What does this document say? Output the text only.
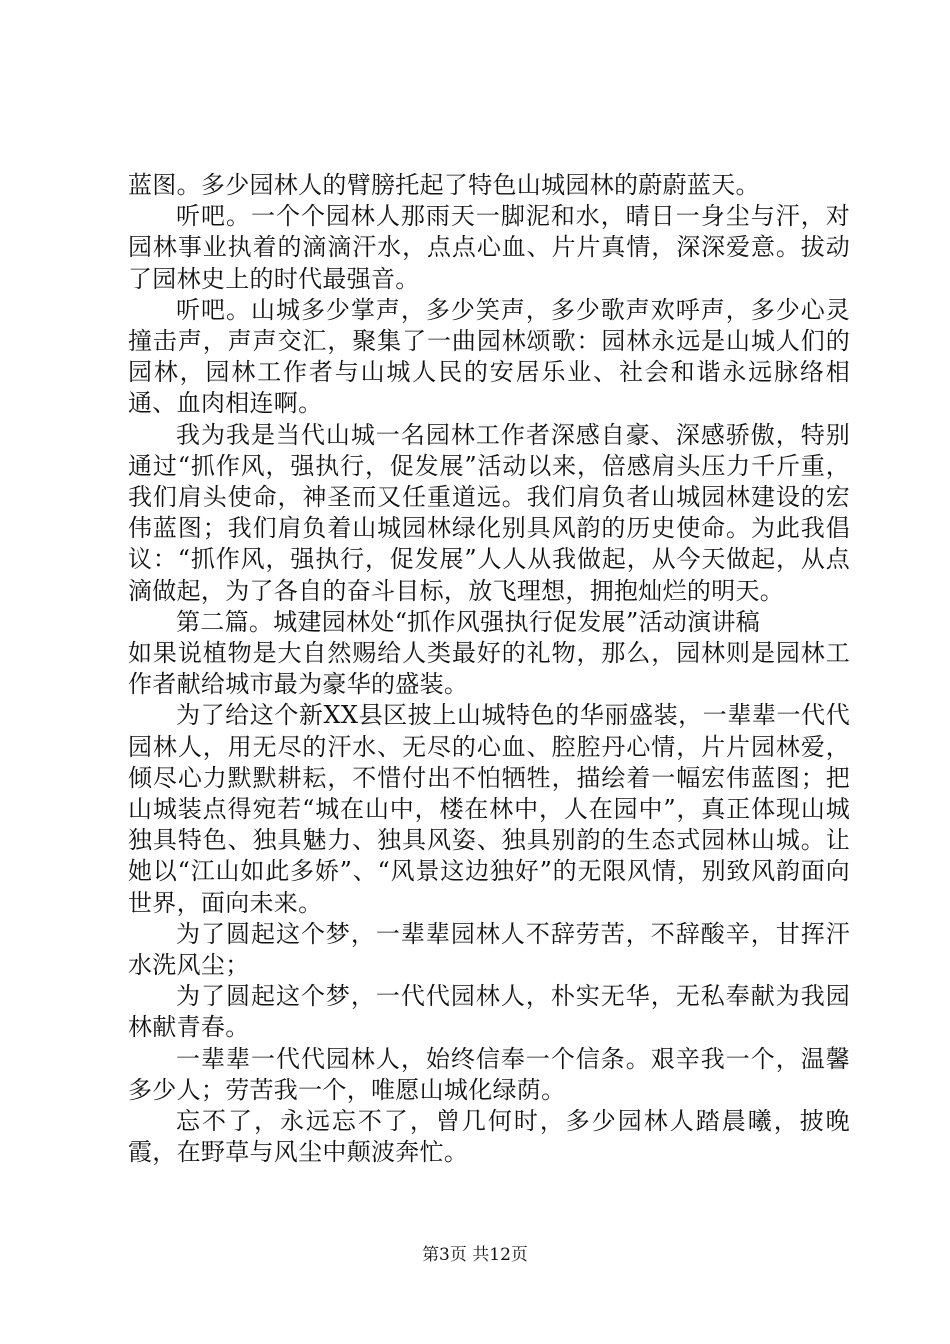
蓝图。多少园林人的臂膀托起了特色山城园林的蔚蔚蓝天。

听吧。一个个园林人那雨天一脚泥和水，晴日一身尘与汗，对园林事业执着的滴滴汗水，点点心血、片片真情，深深爱意。拔动了园林史上的时代最强音。

听吧。山城多少掌声，多少笑声，多少歌声欢呼声，多少心灵撞击声，声声交汇，聚集了一曲园林颂歌：园林永远是山城人们的园林，园林工作者与山城人民的安居乐业、社会和谐永远脉络相通、血肉相连啊。

我为我是当代山城一名园林工作者深感自豪、深感骄傲，特别通过“抓作风，强执行，促发展”活动以来，倍感肩头压力千斤重，我们肩头使命，神圣而又任重道远。我们肩负者山城园林建设的宏伟蓝图；我们肩负着山城园林绿化别具风韵的历史使命。为此我倡议：“抓作风，强执行，促发展”人人从我做起，从今天做起，从点滴做起，为了各自的奋斗目标，放飞理想，拥抱灿烂的明天。

第二篇。城建园林处“抓作风强执行促发展”活动演讲稿

如果说植物是大自然赐给人类最好的礼物，那么，园林则是园林工作者献给城市最为豪华的盛装。

为了给这个新XX县区披上山城特色的华丽盛装，一辈辈一代代园林人，用无尽的汗水、无尽的心血、腔腔丹心情，片片园林爱，倾尽心力默默耕耘，不惜付出不怕牺牲，描绘着一幅宏伟蓝图；把山城装点得宛若“城在山中，楼在林中，人在园中”，真正体现山城独具特色、独具魅力、独具风姿、独具别韵的生态式园林山城。让她以“江山如此多娇”、“风景这边独好”的无限风情，别致风韵面向世界，面向未来。

为了圆起这个梦，一辈辈园林人不辞劳苦，不辞酸辛，甘挥汗水洗风尘；

为了圆起这个梦，一代代园林人，朴实无华，无私奉献为我园林献青春。

一辈辈一代代园林人，始终信奉一个信条。艰辛我一个，温馨多少人；劳苦我一个，唯愿山城化绿荫。

忘不了，永远忘不了，曾几何时，多少园林人踏晨曦，披晚霞，在野草与风尘中颠波奔忙。

第3页 共12页
